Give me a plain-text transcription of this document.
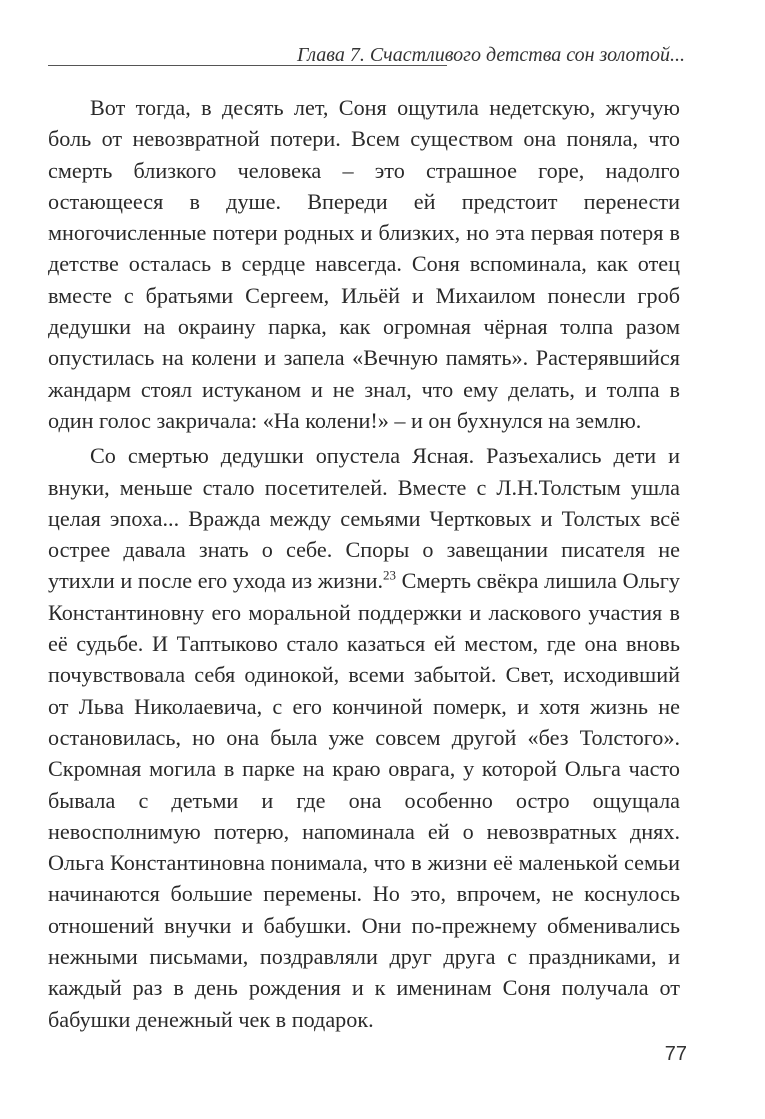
Глава 7. Счастливого детства сон золотой...

Вот тогда, в десять лет, Соня ощутила недетскую, жгучую боль от невозвратной потери. Всем существом она поняла, что смерть близкого человека – это страшное горе, надолго остающееся в душе. Впереди ей предстоит перенести многочисленные потери родных и близких, но эта первая потеря в детстве осталась в сердце навсегда. Соня вспоминала, как отец вместе с братьями Сергеем, Ильёй и Михаилом понесли гроб дедушки на окраину парка, как огромная чёрная толпа разом опустилась на колени и запела «Вечную память». Растерявшийся жандарм стоял истуканом и не знал, что ему делать, и толпа в один голос закричала: «На колени!» – и он бухнулся на землю.

Со смертью дедушки опустела Ясная. Разъехались дети и внуки, меньше стало посетителей. Вместе с Л.Н.Толстым ушла целая эпоха... Вражда между семьями Чертковых и Толстых всё острее давала знать о себе. Споры о завещании писателя не утихли и после его ухода из жизни.$^{23}$ Смерть свёкра лишила Ольгу Константиновну его моральной поддержки и ласкового участия в её судьбе. И Таптыково стало казаться ей местом, где она вновь почувствовала себя одинокой, всеми забытой. Свет, исходивший от Льва Николаевича, с его кончиной померк, и хотя жизнь не остановилась, но она была уже совсем другой «без Толстого». Скромная могила в парке на краю оврага, у которой Ольга часто бывала с детьми и где она особенно остро ощущала невосполнимую потерю, напоминала ей о невозвратных днях. Ольга Константиновна понимала, что в жизни её маленькой семьи начинаются большие перемены. Но это, впрочем, не коснулось отношений внучки и бабушки. Они по-прежнему обменивались нежными письмами, поздравляли друг друга с праздниками, и каждый раз в день рождения и к именинам Соня получала от бабушки денежный чек в подарок.

77
